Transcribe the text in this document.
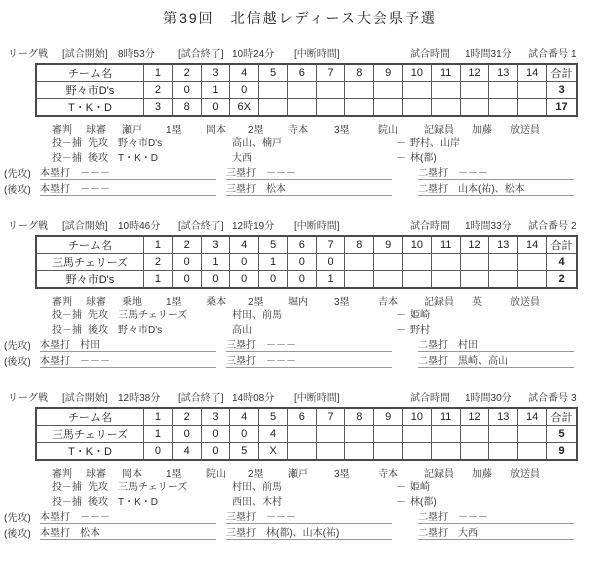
第39回　北信越レディース大会県予選
リーグ戦	[試合開始]	8時53分	[試合終了] 10時24分	[中断時間]	試合時間	1時間31分	試合番号 1
チーム名	1	2	3	4	5	6	7	8	9	10	11	12	13	14	合計
野々市D's	2	0	1	0											3
T・K・D	3	8	0	6X											17
審判	球審	瀬戸	1塁	岡本	2塁	寺本	3塁	院山	記録員	加藤	放送員
投－捕 先攻	野々市D's	高山、楠戸	－ 野村、山岸
投－捕 後攻	T・K・D	大西	－ 林(都)
(先攻) 本塁打 －－－	三塁打 －－－	二塁打 －－－
(後攻) 本塁打 －－－	三塁打 松本	二塁打 山本(祐)、松本
リーグ戦	[試合開始]	10時46分	[試合終了] 12時19分	[中断時間]	試合時間	1時間33分	試合番号 2
チーム名	1	2	3	4	5	6	7	8	9	10	11	12	13	14	合計
三馬チェリーズ	2	0	1	0	1	0	0								4
野々市D's	1	0	0	0	0	0	1								2
審判	球審	乗地	1塁	桑本	2塁	堀内	3塁	吉本	記録員	英	放送員
投－捕 先攻	三馬チェリーズ	村田、前馬	－ 姫崎
投－捕 後攻	野々市D's	高山	－ 野村
(先攻) 本塁打 村田	三塁打 －－－	二塁打 村田
(後攻) 本塁打 －－－	三塁打 －－－	二塁打 黒崎、高山
リーグ戦	[試合開始]	12時38分	[試合終了] 14時08分	[中断時間]	試合時間	1時間30分	試合番号 3
チーム名	1	2	3	4	5	6	7	8	9	10	11	12	13	14	合計
三馬チェリーズ	1	0	0	0	4										5
T・K・D	0	4	0	5	X										9
審判	球審	岡本	1塁	院山	2塁	瀬戸	3塁	寺本	記録員	加藤	放送員
投－捕 先攻	三馬チェリーズ	村田、前馬	－ 姫崎
投－捕 後攻	T・K・D	西田、木村	－ 林(都)
(先攻) 本塁打 －－－	三塁打 －－－	二塁打 －－－
(後攻) 本塁打 松本	三塁打 林(都)、山本(祐)	二塁打 大西
